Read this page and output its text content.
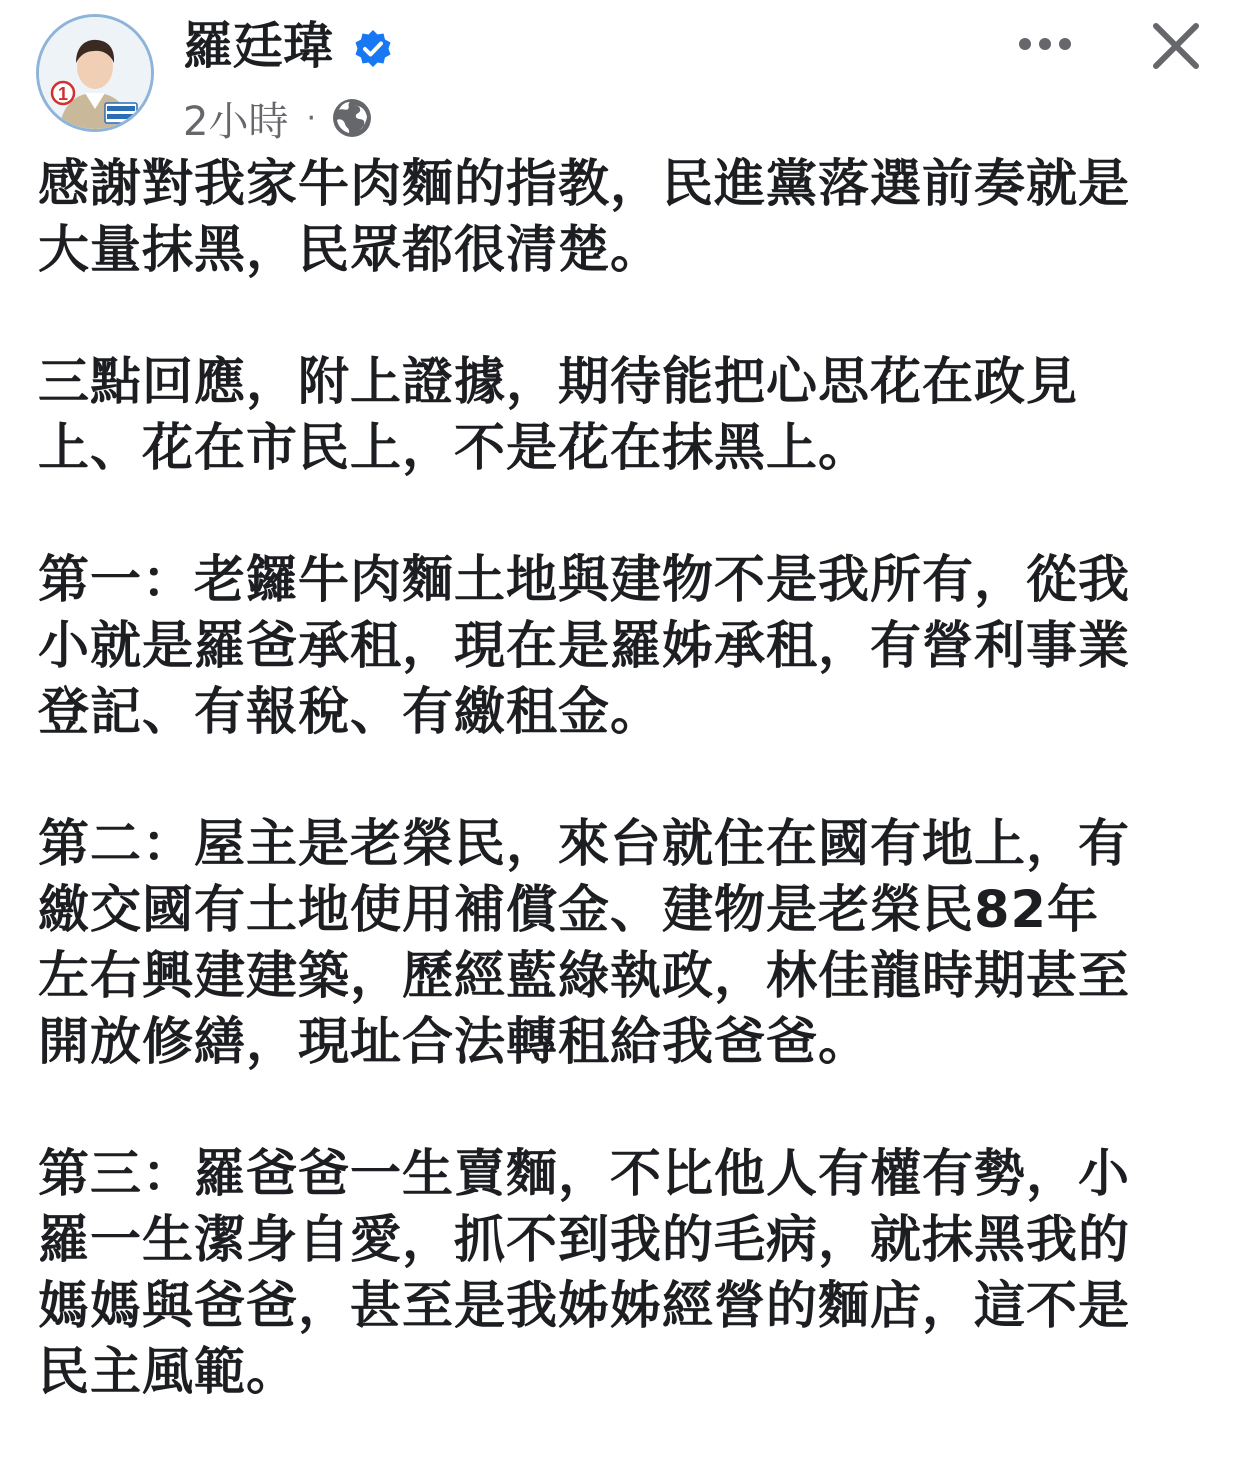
1
羅廷瑋
2小時 ·
感謝對我家牛肉麵的指教，民進黨落選前奏就是
大量抹黑，民眾都很清楚。
三點回應，附上證據，期待能把心思花在政見
上、花在市民上，不是花在抹黑上。
第一：老鑼牛肉麵土地與建物不是我所有，從我
小就是羅爸承租，現在是羅姊承租，有營利事業
登記、有報稅、有繳租金。
第二：屋主是老榮民，來台就住在國有地上，有
繳交國有土地使用補償金、建物是老榮民82年
左右興建建築，歷經藍綠執政，林佳龍時期甚至
開放修繕，現址合法轉租給我爸爸。
第三：羅爸爸一生賣麵，不比他人有權有勢，小
羅一生潔身自愛，抓不到我的毛病，就抹黑我的
媽媽與爸爸，甚至是我姊姊經營的麵店，這不是
民主風範。
